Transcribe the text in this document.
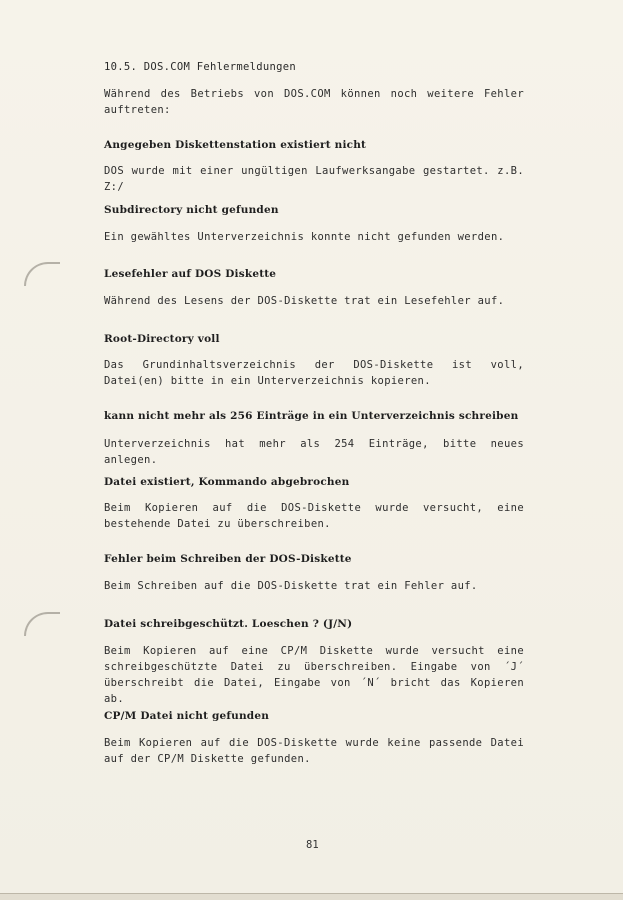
10.5. DOS.COM Fehlermeldungen
Während des Betriebs von DOS.COM können noch weitere Fehler auftreten:
Angegeben Diskettenstation existiert nicht
DOS wurde mit einer ungültigen Laufwerksangabe gestartet. z.B. Z:/
Subdirectory nicht gefunden
Ein gewähltes Unterverzeichnis konnte nicht gefunden werden.
Lesefehler auf DOS Diskette
Während des Lesens der DOS-Diskette trat ein Lesefehler auf.
Root-Directory voll
Das Grundinhaltsverzeichnis der DOS-Diskette ist voll, Datei(en) bitte in ein Unterverzeichnis kopieren.
kann nicht mehr als 256 Einträge in ein Unterverzeichnis schreiben
Unterverzeichnis hat mehr als 254 Einträge, bitte neues anlegen.
Datei existiert, Kommando abgebrochen
Beim Kopieren auf die DOS-Diskette wurde versucht, eine bestehende Datei zu überschreiben.
Fehler beim Schreiben der DOS-Diskette
Beim Schreiben auf die DOS-Diskette trat ein Fehler auf.
Datei schreibgeschützt. Loeschen ? (J/N)
Beim Kopieren auf eine CP/M Diskette wurde versucht eine schreibgeschützte Datei zu überschreiben. Eingabe von ´J´ überschreibt die Datei, Eingabe von ´N´ bricht das Kopieren ab.
CP/M Datei nicht gefunden
Beim Kopieren auf die DOS-Diskette wurde keine passende Datei auf der CP/M Diskette gefunden.
81
